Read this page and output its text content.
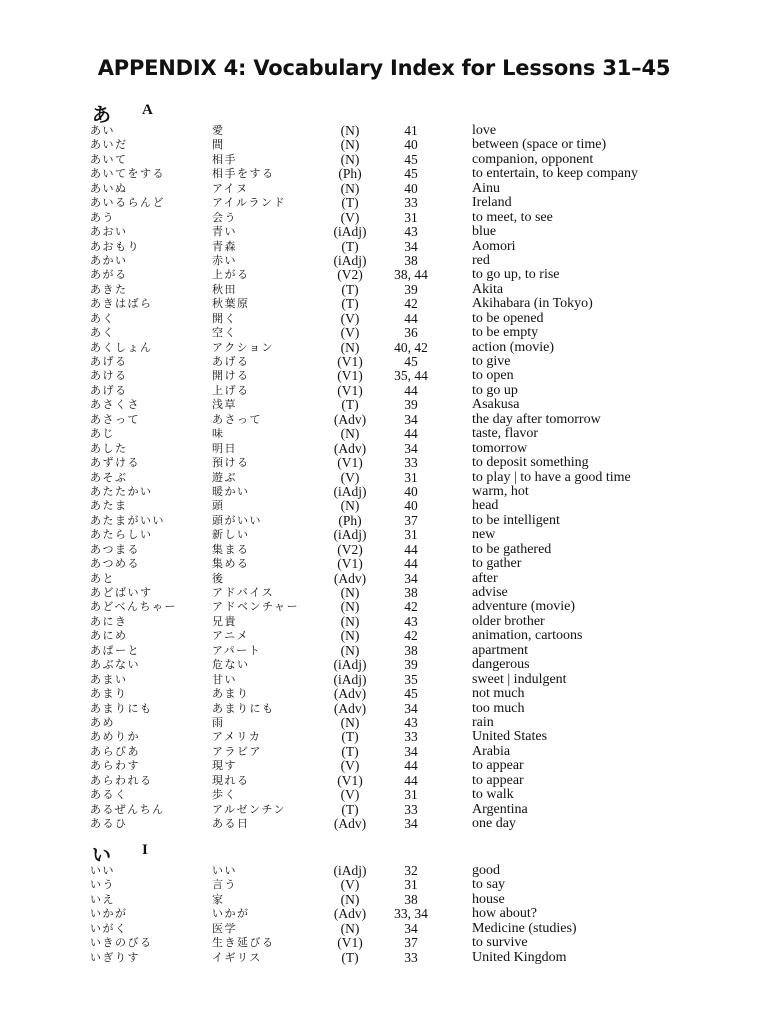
APPENDIX 4: Vocabulary Index for Lessons 31–45
あ A
あい	愛	(N)	41	love
あいだ	間	(N)	40	between (space or time)
あいて	相手	(N)	45	companion, opponent
あいてをする	相手をする	(Ph)	45	to entertain, to keep company
あいぬ	アイヌ	(N)	40	Ainu
あいるらんど	アイルランド	(T)	33	Ireland
あう	会う	(V)	31	to meet, to see
あおい	青い	(iAdj)	43	blue
あおもり	青森	(T)	34	Aomori
あかい	赤い	(iAdj)	38	red
あがる	上がる	(V2)	38, 44	to go up, to rise
あきた	秋田	(T)	39	Akita
あきはばら	秋葉原	(T)	42	Akihabara (in Tokyo)
あく	開く	(V)	44	to be opened
あく	空く	(V)	36	to be empty
あくしょん	アクション	(N)	40, 42	action (movie)
あげる	あげる	(V1)	45	to give
あける	開ける	(V1)	35, 44	to open
あげる	上げる	(V1)	44	to go up
あさくさ	浅草	(T)	39	Asakusa
あさって	あさって	(Adv)	34	the day after tomorrow
あじ	味	(N)	44	taste, flavor
あした	明日	(Adv)	34	tomorrow
あずける	預ける	(V1)	33	to deposit something
あそぶ	遊ぶ	(V)	31	to play | to have a good time
あたたかい	暖かい	(iAdj)	40	warm, hot
あたま	頭	(N)	40	head
あたまがいい	頭がいい	(Ph)	37	to be intelligent
あたらしい	新しい	(iAdj)	31	new
あつまる	集まる	(V2)	44	to be gathered
あつめる	集める	(V1)	44	to gather
あと	後	(Adv)	34	after
あどばいす	アドバイス	(N)	38	advise
あどべんちゃー	アドベンチャー	(N)	42	adventure (movie)
あにき	兄貴	(N)	43	older brother
あにめ	アニメ	(N)	42	animation, cartoons
あぱーと	アパート	(N)	38	apartment
あぶない	危ない	(iAdj)	39	dangerous
あまい	甘い	(iAdj)	35	sweet | indulgent
あまり	あまり	(Adv)	45	not much
あまりにも	あまりにも	(Adv)	34	too much
あめ	雨	(N)	43	rain
あめりか	アメリカ	(T)	33	United States
あらびあ	アラビア	(T)	34	Arabia
あらわす	現す	(V)	44	to appear
あらわれる	現れる	(V1)	44	to appear
あるく	歩く	(V)	31	to walk
あるぜんちん	アルゼンチン	(T)	33	Argentina
あるひ	ある日	(Adv)	34	one day
い I
いい	いい	(iAdj)	32	good
いう	言う	(V)	31	to say
いえ	家	(N)	38	house
いかが	いかが	(Adv)	33, 34	how about?
いがく	医学	(N)	34	Medicine (studies)
いきのびる	生き延びる	(V1)	37	to survive
いぎりす	イギリス	(T)	33	United Kingdom
